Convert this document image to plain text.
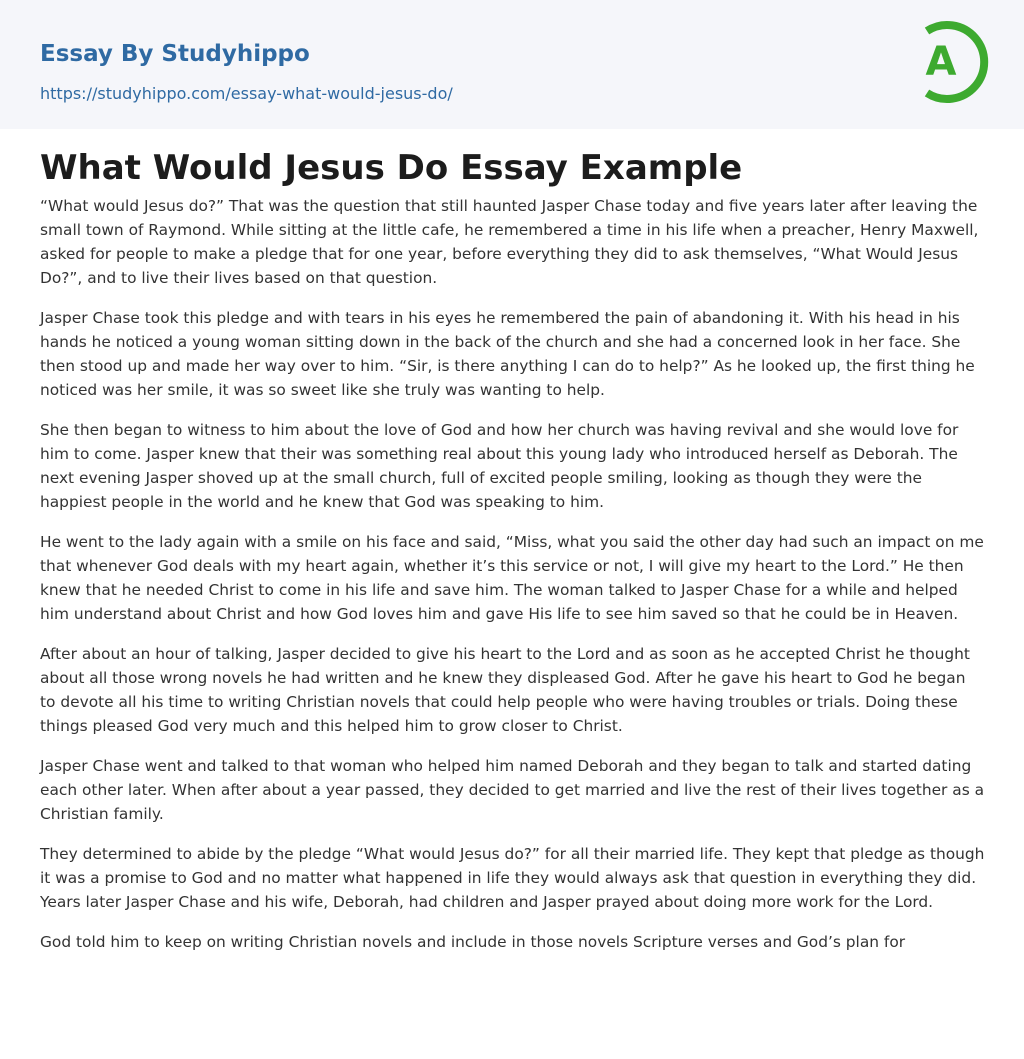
Essay By Studyhippo
https://studyhippo.com/essay-what-would-jesus-do/
A
What Would Jesus Do Essay Example

“What would Jesus do?” That was the question that still haunted Jasper Chase today and five years later after leaving the small town of Raymond. While sitting at the little cafe, he remembered a time in his life when a preacher, Henry Maxwell, asked for people to make a pledge that for one year, before everything they did to ask themselves, “What Would Jesus Do?”, and to live their lives based on that question.

Jasper Chase took this pledge and with tears in his eyes he remembered the pain of abandoning it. With his head in his hands he noticed a young woman sitting down in the back of the church and she had a concerned look in her face. She then stood up and made her way over to him. “Sir, is there anything I can do to help?” As he looked up, the first thing he noticed was her smile, it was so sweet like she truly was wanting to help.

She then began to witness to him about the love of God and how her church was having revival and she would love for him to come. Jasper knew that their was something real about this young lady who introduced herself as Deborah. The next evening Jasper shoved up at the small church, full of excited people smiling, looking as though they were the happiest people in the world and he knew that God was speaking to him.

He went to the lady again with a smile on his face and said, “Miss, what you said the other day had such an impact on me that whenever God deals with my heart again, whether it’s this service or not, I will give my heart to the Lord.” He then knew that he needed Christ to come in his life and save him. The woman talked to Jasper Chase for a while and helped him understand about Christ and how God loves him and gave His life to see him saved so that he could be in Heaven.

After about an hour of talking, Jasper decided to give his heart to the Lord and as soon as he accepted Christ he thought about all those wrong novels he had written and he knew they displeased God. After he gave his heart to God he began to devote all his time to writing Christian novels that could help people who were having troubles or trials. Doing these things pleased God very much and this helped him to grow closer to Christ.

Jasper Chase went and talked to that woman who helped him named Deborah and they began to talk and started dating each other later. When after about a year passed, they decided to get married and live the rest of their lives together as a Christian family.

They determined to abide by the pledge “What would Jesus do?” for all their married life. They kept that pledge as though it was a promise to God and no matter what happened in life they would always ask that question in everything they did. Years later Jasper Chase and his wife, Deborah, had children and Jasper prayed about doing more work for the Lord.

God told him to keep on writing Christian novels and include in those novels Scripture verses and God’s plan for
